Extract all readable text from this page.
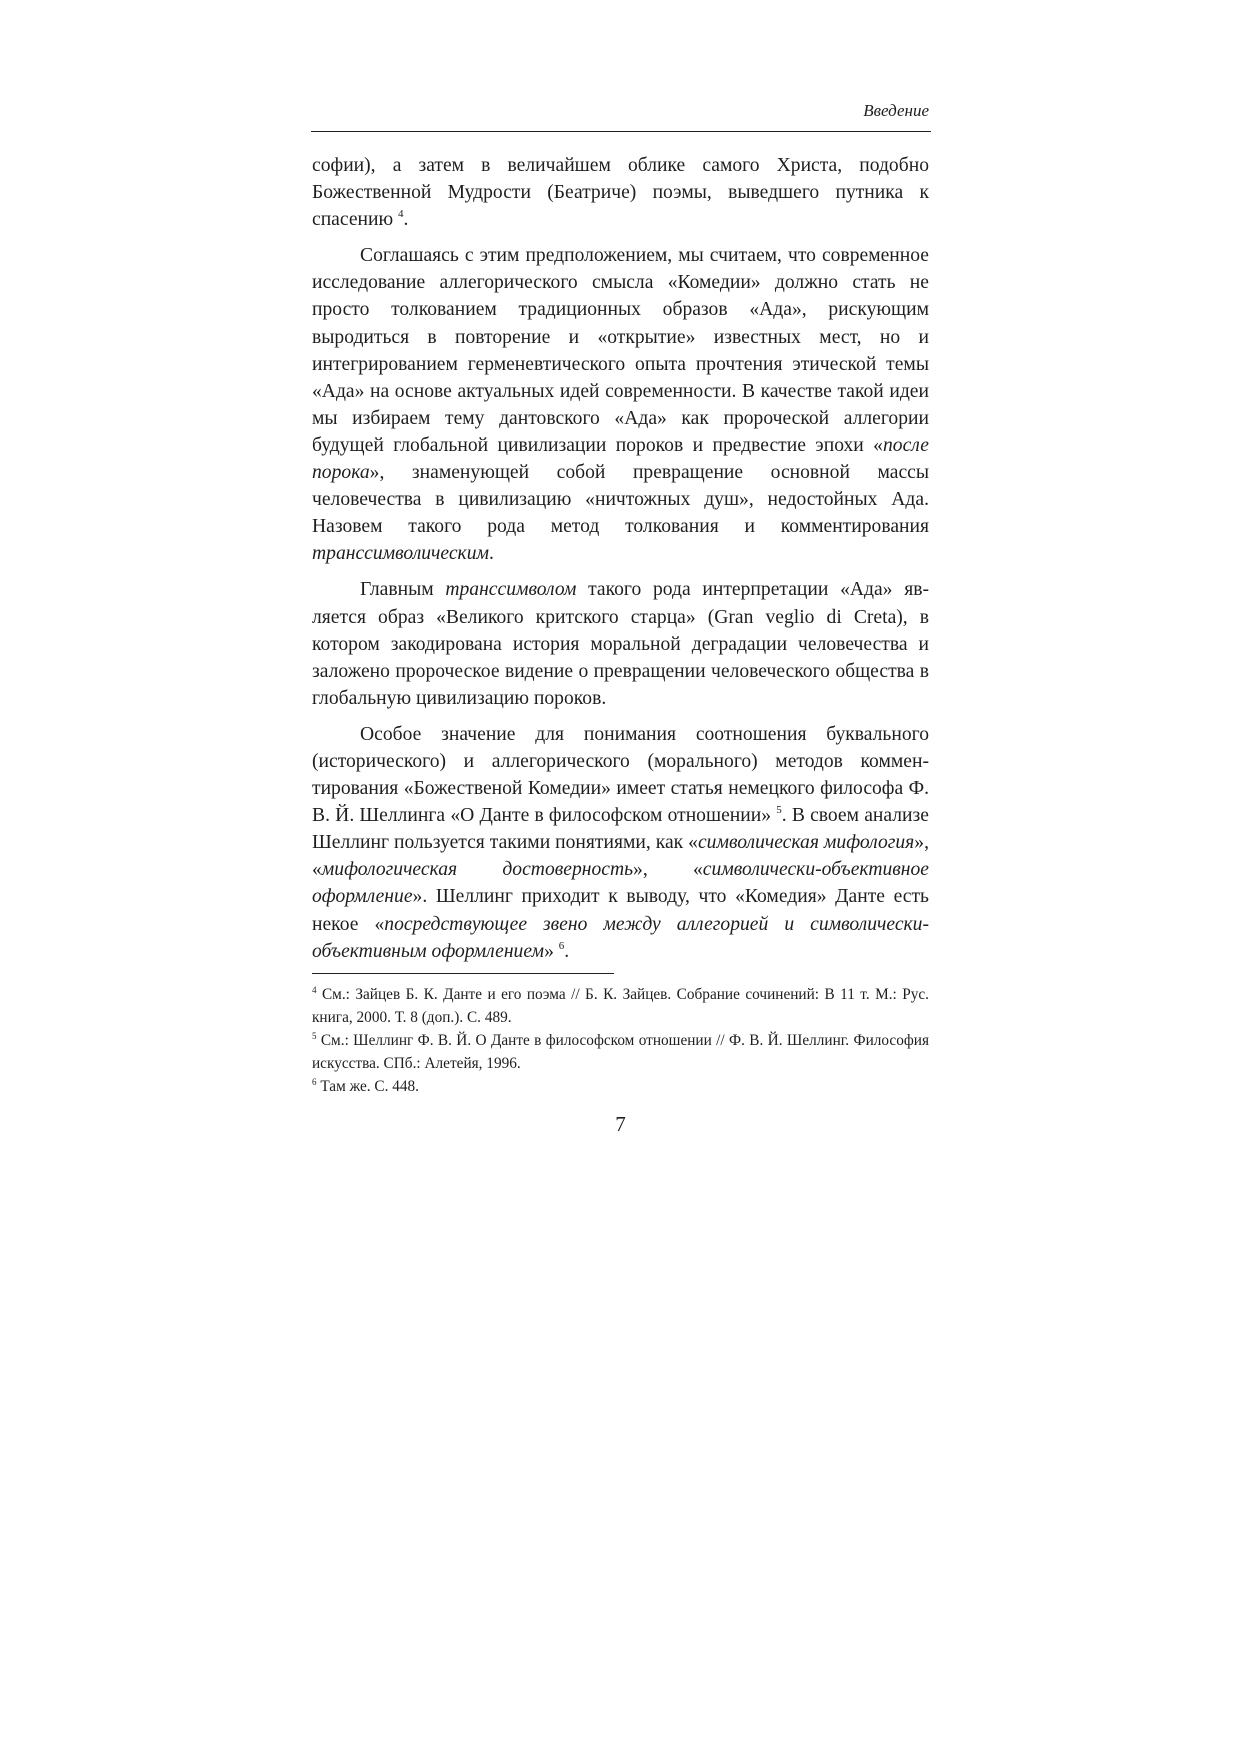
Введение

софии), а затем в величайшем облике самого Христа, подобно Божественной Мудрости (Беатриче) поэмы, выведшего путника к спасению $^4$.

Соглашаясь с этим предположением, мы считаем, что современное исследование аллегорического смысла «Комедии» должно стать не просто толкованием традиционных образов «Ада», рискующим выродиться в повторение и «открытие» известных мест, но и интегрированием герменевтического опыта прочтения этической темы «Ада» на основе актуальных идей современности. В качестве такой идеи мы избираем тему дантовского «Ада» как пророческой аллегории будущей глобальной цивилизации пороков и предвестие эпохи «после порока», знаменующей собой превращение основной массы человечества в цивилизацию «ничтожных душ», недостойных Ада. Назовем такого рода метод толкования и комментирования транссимволическим.

Главным транссимволом такого рода интерпретации «Ада» является образ «Великого критского старца» (Gran veglio di Creta), в котором закодирована история моральной деградации человечества и заложено пророческое видение о превращении человеческого общества в глобальную цивилизацию пороков.

Особое значение для понимания соотношения буквального (исторического) и аллегорического (морального) методов комментирования «Божественой Комедии» имеет статья немецкого философа Ф. В. Й. Шеллинга «О Данте в философском отношении» $^5$. В своем анализе Шеллинг пользуется такими понятиями, как «символическая мифология», «мифологическая достоверность», «символически-объективное оформление». Шеллинг приходит к выводу, что «Комедия» Данте есть некое «посредствующее звено между аллегорией и символически-объективным оформлением» $^6$.

$^4$ См.: Зайцев Б. К. Данте и его поэма // Б. К. Зайцев. Собрание сочинений: В 11 т. М.: Рус. книга, 2000. Т. 8 (доп.). С. 489.

$^5$ См.: Шеллинг Ф. В. Й. О Данте в философском отношении // Ф. В. Й. Шеллинг. Философия искусства. СПб.: Алетейя, 1996.

$^6$ Там же. С. 448.

7
